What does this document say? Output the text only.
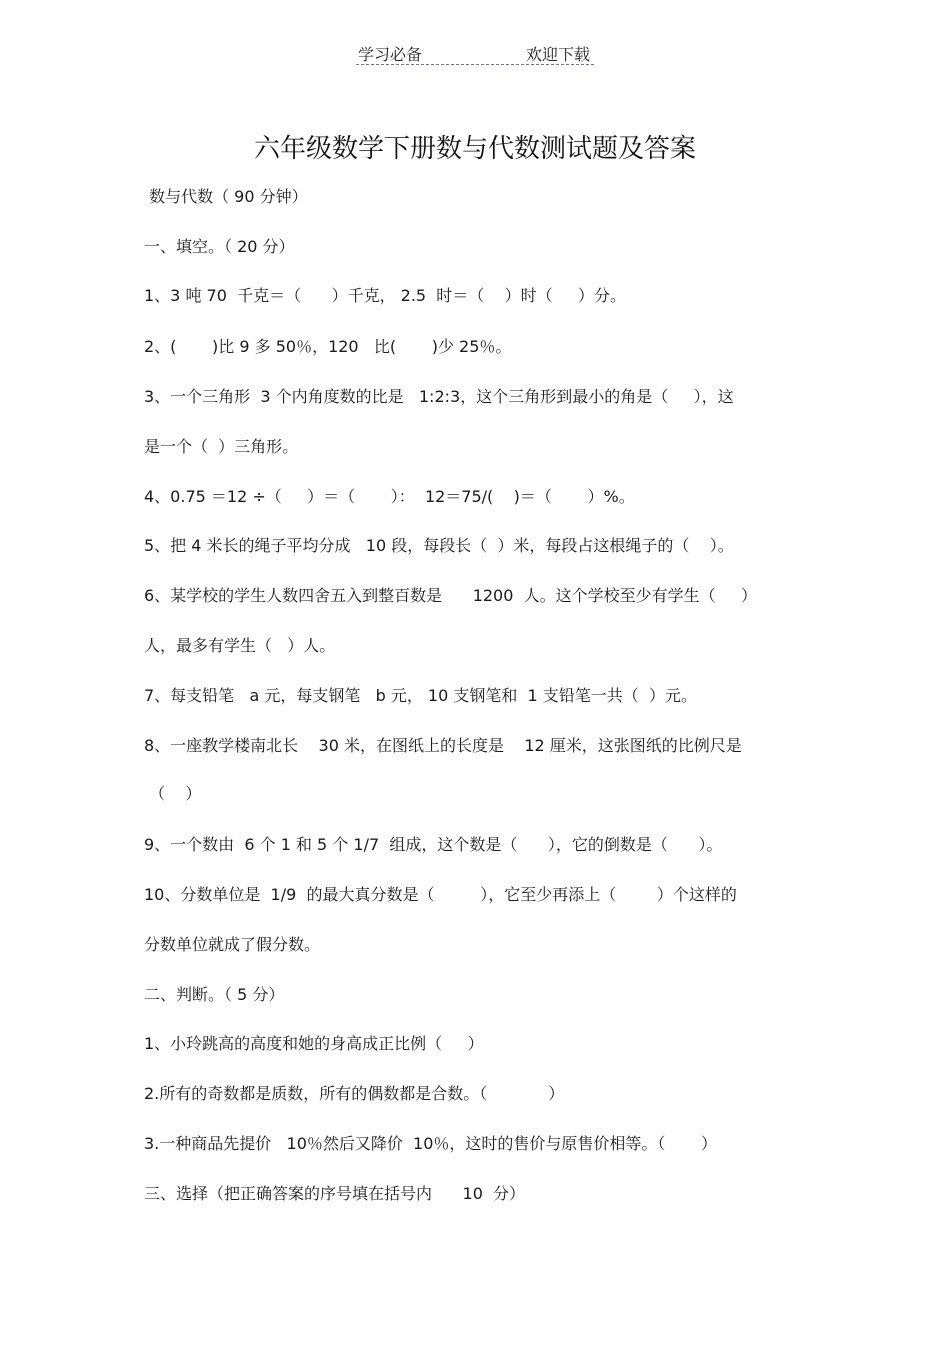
学习必备	欢迎下载
六年级数学下册数与代数测试题及答案
数与代数（ 90 分钟）
一、填空。（ 20 分）
1、3 吨 70  千克＝（      ）千克， 2.5  时＝（    ）时（     ）分。
2、(       )比 9 多 50％，120   比(       )少 25％。
3、一个三角形  3 个内角度数的比是   1:2:3，这个三角形到最小的角是（     ），这
是一个（  ）三角形。
4、0.75 ＝12 ÷（     ）＝（       ）：  12＝75/(    )＝（       ）%。
5、把 4 米长的绳子平均分成   10 段，每段长（  ）米，每段占这根绳子的（    ）。
6、某学校的学生人数四舍五入到整百数是      1200  人。这个学校至少有学生（     ）
人，最多有学生（   ）人。
7、每支铅笔   a 元，每支钢笔   b 元， 10 支钢笔和  1 支铅笔一共（  ）元。
8、一座教学楼南北长    30 米，在图纸上的长度是    12 厘米，这张图纸的比例尺是
（    ）
9、一个数由  6 个 1 和 5 个 1/7  组成，这个数是（      ），它的倒数是（      ）。
10、分数单位是  1/9  的最大真分数是（         ），它至少再添上（        ）个这样的
分数单位就成了假分数。
二、判断。（ 5 分）
1、小玲跳高的高度和她的身高成正比例（     ）
2.所有的奇数都是质数，所有的偶数都是合数。（            ）
3.一种商品先提价   10％然后又降价  10％，这时的售价与原售价相等。（       ）
三、选择（把正确答案的序号填在括号内      10  分）
